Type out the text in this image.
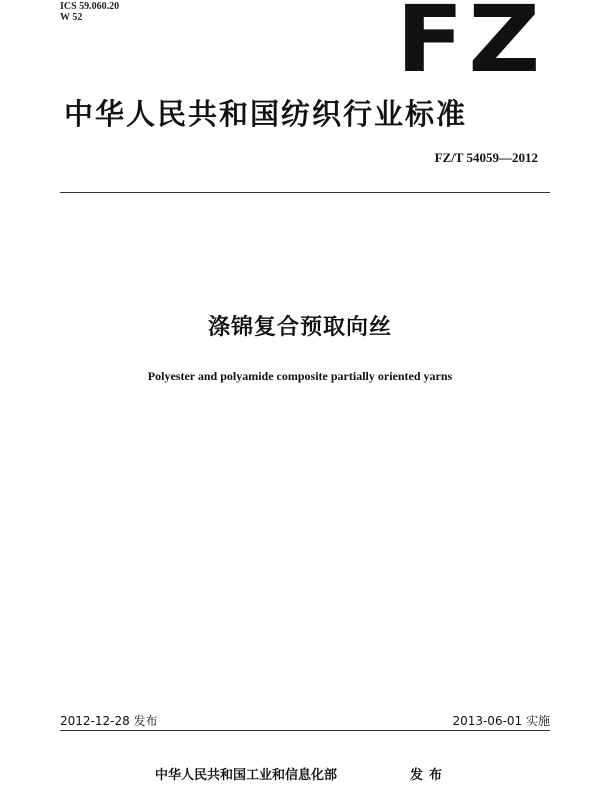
ICS 59.060.20
W 52	FZ
中华人民共和国纺织行业标准
FZ/T 54059—2012
涤锦复合预取向丝
Polyester and polyamide composite partially oriented yarns
2012-12-28 发布	2013-06-01 实施
中华人民共和国工业和信息化部	发布
